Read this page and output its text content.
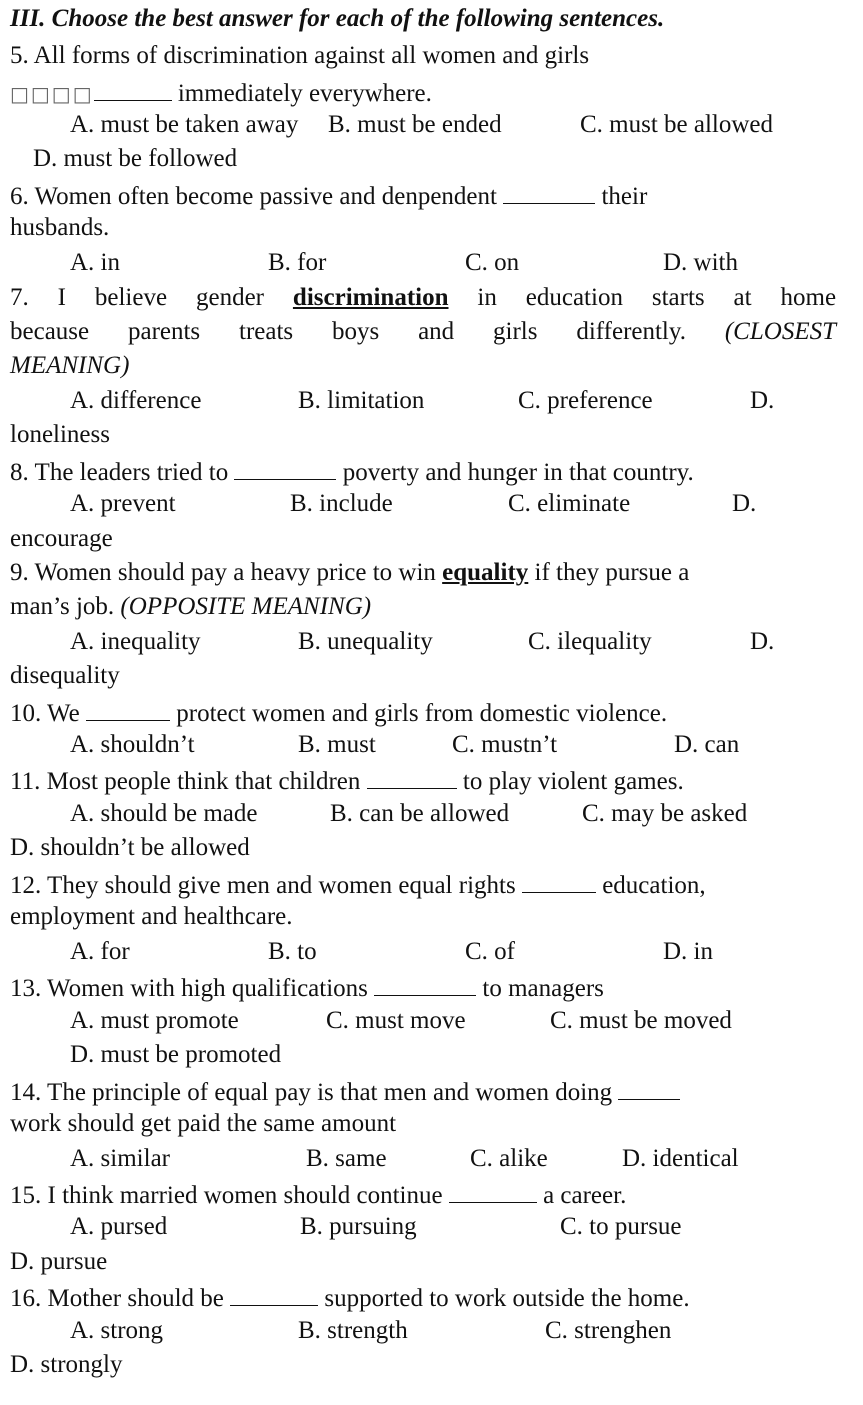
III. Choose the best answer for each of the following sentences.
5. All forms of discrimination against all women and girls
□□□□	immediately everywhere.
A. must be taken away B. must be ended	C. must be allowed
D. must be followed
6. Women often become passive and denpendent	their
husbands.
A. in	B. for	C. on	D. with
7. I believe gender discrimination in education starts at home
because parents treats boys and girls differently. (CLOSEST
MEANING)
A. difference	B. limitation	C. preference	D.
loneliness
8. The leaders tried to	poverty and hunger in that country.
A. prevent	B. include	C. eliminate	D.
encourage
9. Women should pay a heavy price to win equality if they pursue a
man’s job. (OPPOSITE MEANING)
A. inequality	B. unequality	C. ilequality	D.
disequality
10. We	protect women and girls from domestic violence.
A. shouldn’t	B. must	C. mustn’t	D. can
11. Most people think that children	to play violent games.
A. should be made	B. can be allowed	C. may be asked
D. shouldn’t be allowed
12. They should give men and women equal rights	education,
employment and healthcare.
A. for	B. to	C. of	D. in
13. Women with high qualifications	to managers
A. must promote	C. must move	C. must be moved
D. must be promoted
14. The principle of equal pay is that men and women doing
work should get paid the same amount
A. similar	B. same	C. alike	D. identical
15. I think married women should continue	a career.
A. pursed	B. pursuing	C. to pursue
D. pursue
16. Mother should be	supported to work outside the home.
A. strong	B. strength	C. strenghen
D. strongly
